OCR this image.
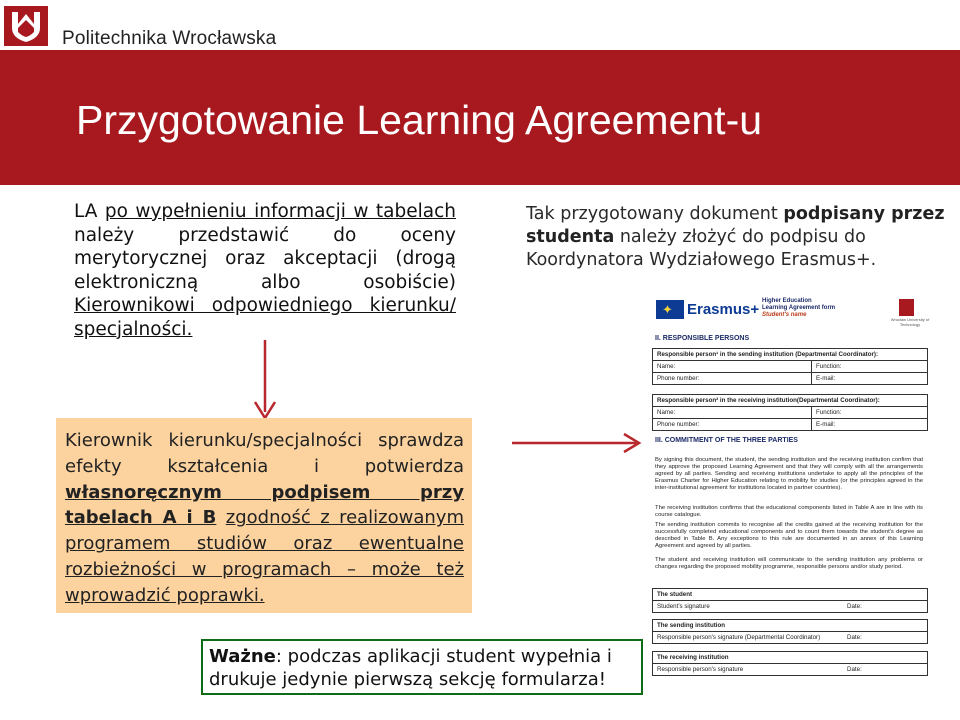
Politechnika Wrocławska
Przygotowanie Learning Agreement-u
LA po wypełnieniu informacji w tabelach należy przedstawić do oceny merytorycznej oraz akceptacji (drogą elektroniczną albo osobiście) Kierownikowi odpowiedniego kierunku/ specjalności.
Tak przygotowany dokument podpisany przez studenta należy złożyć do podpisu do Koordynatora Wydziałowego Erasmus+.
Kierownik kierunku/specjalności sprawdza efekty kształcenia i potwierdza własnoręcznym podpisem przy tabelach A i B zgodność z realizowanym programem studiów oraz ewentualne rozbieżności w programach – może też wprowadzić poprawki.
Ważne: podczas aplikacji student wypełnia i drukuje jedynie pierwszą sekcję formularza!
✦ Erasmus+ Higher Education
Learning Agreement form
Student's name
Wrocław University of Technology
II. RESPONSIBLE PERSONS
Responsible person¹ in the sending institution (Departmental Coordinator):
Name:	Function:
Phone number:	E-mail:
Responsible person² in the receiving institution(Departmental Coordinator):
Name:	Function:
Phone number:	E-mail:
III. COMMITMENT OF THE THREE PARTIES
By signing this document, the student, the sending institution and the receiving institution confirm that they approve the proposed Learning Agreement and that they will comply with all the arrangements agreed by all parties. Sending and receiving institutions undertake to apply all the principles of the Erasmus Charter for Higher Education relating to mobility for studies (or the principles agreed in the inter-institutional agreement for institutions located in partner countries).
The receiving institution confirms that the educational components listed in Table A are in line with its course catalogue.
The sending institution commits to recognise all the credits gained at the receiving institution for the successfully completed educational components and to count them towards the student's degree as described in Table B. Any exceptions to this rule are documented in an annex of this Learning Agreement and agreed by all parties.
The student and receiving institution will communicate to the sending institution any problems or changes regarding the proposed mobility programme, responsible persons and/or study period.
The student
Student's signature	Date:
The sending institution
Responsible person's signature (Departmental Coordinator)	Date:
The receiving institution
Responsible person's signature	Date:
